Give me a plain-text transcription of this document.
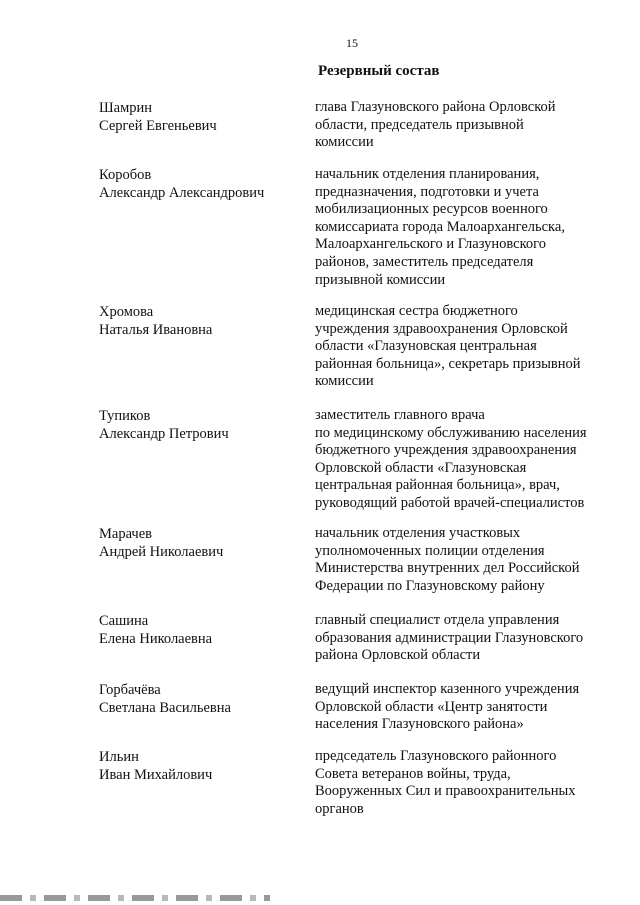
15
Резервный состав
Шамрин
Сергей Евгеньевич
глава Глазуновского района Орловской
области, председатель призывной
комиссии
Коробов
Александр Александрович
начальник отделения планирования,
предназначения, подготовки и учета
мобилизационных ресурсов военного
комиссариата города Малоархангельска,
Малоархангельского и Глазуновского
районов, заместитель председателя
призывной комиссии
Хромова
Наталья Ивановна
медицинская сестра бюджетного
учреждения здравоохранения Орловской
области «Глазуновская центральная
районная больница», секретарь призывной
комиссии
Тупиков
Александр Петрович
заместитель главного врача
по медицинскому обслуживанию населения
бюджетного учреждения здравоохранения
Орловской области «Глазуновская
центральная районная больница», врач,
руководящий работой врачей-специалистов
Марачев
Андрей Николаевич
начальник отделения участковых
уполномоченных полиции отделения
Министерства внутренних дел Российской
Федерации по Глазуновскому району
Сашина
Елена Николаевна
главный специалист отдела управления
образования администрации Глазуновского
района Орловской области
Горбачёва
Светлана Васильевна
ведущий инспектор казенного учреждения
Орловской области «Центр занятости
населения Глазуновского района»
Ильин
Иван Михайлович
председатель Глазуновского районного
Совета ветеранов войны, труда,
Вооруженных Сил и правоохранительных
органов
